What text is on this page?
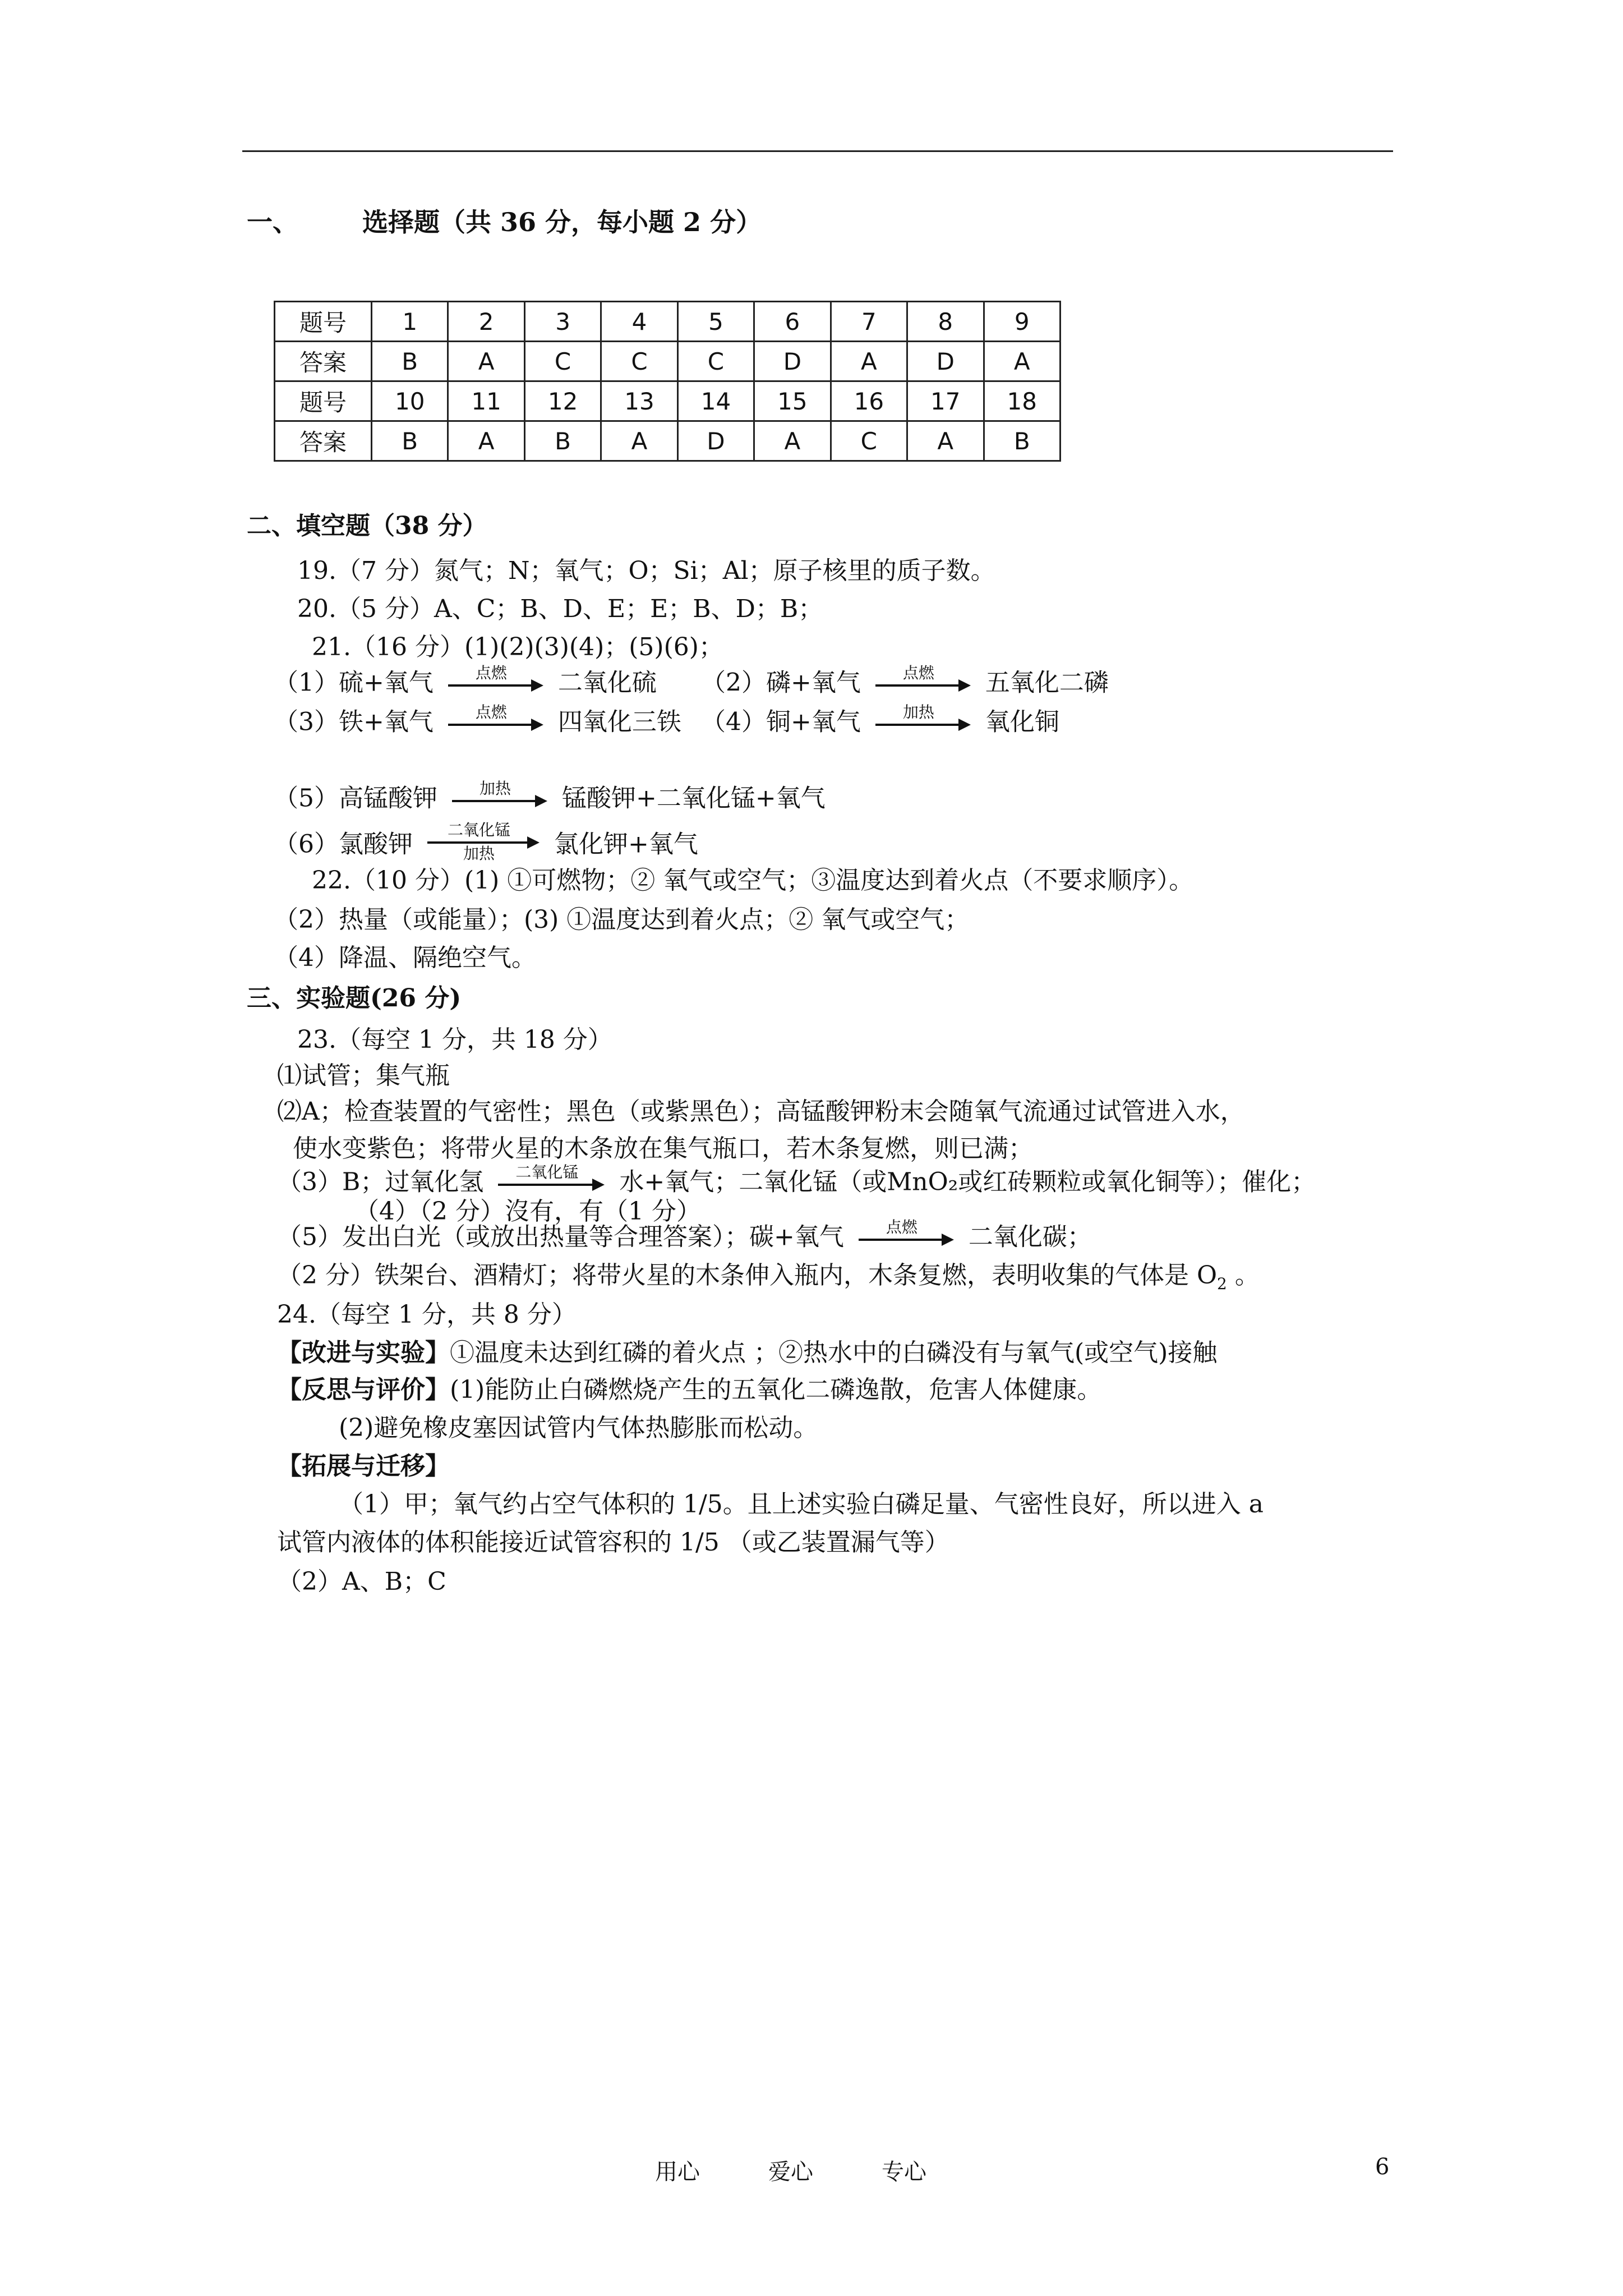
一、 选择题（共 36 分，每小题 2 分）
题号	1	2	3	4	5	6	7	8	9
答案	B	A	C	C	C	D	A	D	A
题号	10	11	12	13	14	15	16	17	18
答案	B	A	B	A	D	A	C	A	B
二、填空题（38 分）
19.（7 分）氮气；N；氧气；O；Si；Al；原子核里的质子数。
20.（5 分）A、C；B、D、E；E；B、D；B；
21.（16 分）(1)(2)(3)(4)；(5)(6)；
（1）硫+氧气	点燃	二氧化硫 （2）磷+氧气	点燃	五氧化二磷
（3）铁+氧气	点燃	四氧化三铁 （4）铜+氧气	加热	氧化铜
（5）高锰酸钾	加热	锰酸钾+二氧化锰+氧气
（6）氯酸钾	二氧化锰
加热	氯化钾+氧气
22.（10 分）(1) ①可燃物；② 氧气或空气；③温度达到着火点（不要求顺序）。
（2）热量（或能量）；(3) ①温度达到着火点；② 氧气或空气；
（4）降温、隔绝空气。
三、实验题(26 分)
23.（每空 1 分，共 18 分）
⑴试管；集气瓶
⑵A；检查装置的气密性；黑色（或紫黑色）；高锰酸钾粉末会随氧气流通过试管进入水，
使水变紫色；将带火星的木条放在集气瓶口，若木条复燃，则已满；
（3）B；过氧化氢	二氧化锰	水+氧气；二氧化锰（或MnO₂或红砖颗粒或氧化铜等）；催化；
（4）（2 分）沒有，有（1 分）
（5）发出白光（或放出热量等合理答案）；碳+氧气	点燃	二氧化碳；
（2 分）铁架台、酒精灯；将带火星的木条伸入瓶内，木条复燃，表明收集的气体是 $O_2$ 。
24.（每空 1 分，共 8 分）
【改进与实验】①温度未达到红磷的着火点 ；②热水中的白磷没有与氧气(或空气)接触
【反思与评价】(1)能防止白磷燃烧产生的五氧化二磷逸散，危害人体健康。
(2)避免橡皮塞因试管内气体热膨胀而松动。
【拓展与迁移】
（1）甲；氧气约占空气体积的 1/5。且上述实验白磷足量、气密性良好，所以进入 a
试管内液体的体积能接近试管容积的 1/5 （或乙装置漏气等）
（2）A、B；C
用心	爱心	专心	6
